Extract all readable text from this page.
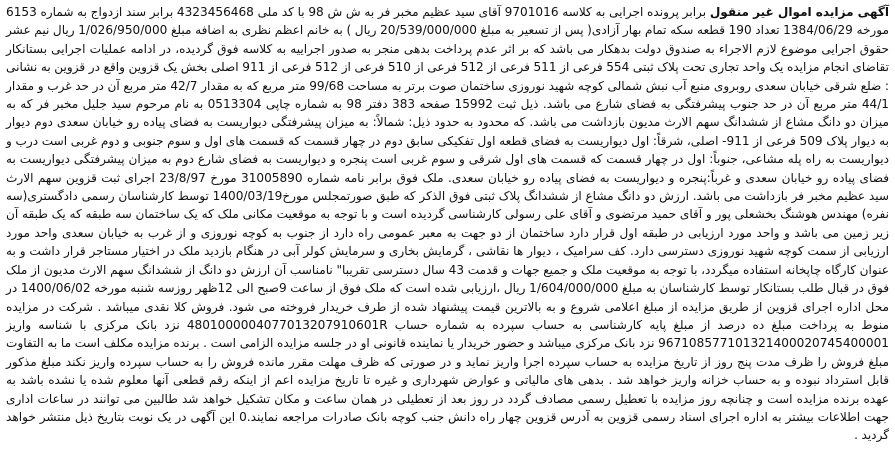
آگهی مزایده اموال غیر منقول برابر پرونده اجرایی به کلاسه 9701016 آقای سید عظیم مخبر فر به ش ش 98 با کد ملی 4323456468 برابر سند ازدواج به شماره 6153 مورخه 1384/06/29 تعداد 190 قطعه سکه تمام بهار آزادی( پس از تسعیر به مبلغ 20/539/000/000 ریال ) به خانم اعظم نظری به اضافه مبلغ 1/026/950/000 ریال نیم عشر حقوق اجرایی موضوع لازم الاجراء به صندوق دولت بدهکار می باشد که بر اثر عدم پرداخت بدهی منجر به صدور اجراییه به کلاسه فوق گردیده، در ادامه عملیات اجرایی بستانکار تقاضای انجام مزایده یک واحد تجاری تحت پلاک ثبتی 554 فرعی از 511 فرعی از 512 فرعی از 510 فرعی از 512 فرعی از 911 اصلی بخش یک قزوین واقع در قزوین به نشانی : ضلع شرقی خیابان سعدی روبروی منبع آب نبش شمالی کوچه شهید نوروزی ساختمان صوت برتر به مساحت 99/68 متر مربع که به مقدار 42/7 متر مربع آن در حد غرب و مقدار 44/1 متر مربع آن در حد جنوب پیشرفتگی به فضای شارع می باشد. ذیل ثبت 15992 صفحه 383 دفتر 98 به شماره چاپی 0513304 به نام مرحوم سید جلیل مخبر فر که به میزان دو دانگ مشاع از ششدانگ سهم الارث مدیون بازداشت می باشد. که محدود به حدود ذیل: شمالاً: به میزان پیشرفتگی دیواریست به فضای پیاده رو خیابان سعدی دوم دیوار به دیوار پلاک 509 فرعی از 911- اصلی، شرقاً: اول دیواریست به فضای قطعه اول تفکیکی سابق دوم در چهار قسمت که قسمت های اول و سوم جنوبی و دوم غربی است درب و دیواریست به راه پله مشاعی، جنوباً: اول در چهار قسمت که قسمت های اول شرقی و سوم غربی است پنجره و دیواریست به فضای شارع دوم به میزان پیشرفتگی دیواریست به فضای پیاده رو خیابان سعدی و غرباً:پنجره و دیواریست به فضای پیاده رو خیابان سعدی. ملک فوق برابر نامه شماره 31005890 مورخ 23/8/97 اجرای ثبت قزوین سهم الارث سید عظیم مخبر فر بازداشت می باشد. ارزش دو دانگ مشاع از ششدانگ پلاک ثبتی فوق الذکر که طبق صورتمجلس مورخ1400/03/19 توسط کارشناسان رسمی دادگستری(سه نفره) مهندس هوشنگ بخشعلی پور و آقای حمید مرتضوی و آقای علی رسولی کارشناسی گردیده است و با توجه به موقعیت مکانی ملک که یک ساختمان سه طبقه که یک طبقه آن زیر زمین می باشد و واحد مورد ارزیابی در طبقه اول قرار دارد ساختمان از دو جهت به معبر عمومی راه دارد از جنوب به کوچه نوروزی و از غرب به خیابان سعدی واحد مورد ارزیابی از سمت کوچه شهید نوروزی دسترسی دارد. کف سرامیک ، دیوار ها نقاشی ، گرمایش بخاری و سرمایش کولر آبی در هنگام بازدید ملک در اختیار مستاجر قرار داشت و به عنوان کارگاه چاپخانه استفاده میگردد، با توجه به موقعیت ملک و جمیع جهات و قدمت 43 سال دسترسی تقریبا" نامناسب آن ارزش دو دانگ از ششدانگ سهم الارث مدیون از ملک فوق در قبال طلب بستانکار توسط کارشناسان به مبلغ 1/604/000/000 ریال ،ارزیابی شده است که ملک فوق از ساعت 9صبح الی 12ظهر روزسه شنبه مورخه 1400/06/02 در محل اداره اجرای قزوین از طریق مزایده از مبلغ اعلامی شروع و به بالاترین قیمت پیشنهاد شده از طرف خریدار فروخته می شود. فروش کلا نقدی میباشد . شرکت در مزایده منوط به پرداخت مبلغ ده درصد از مبلغ پایه کارشناسی به حساب سپرده به شماره حساب 4801000004077013207910601R نزد بانک مرکزی با شناسه واریز 967108577101321400020745400001 نزد بانک مرکزی میباشد و حضور خریدار یا نماینده قانونی او در جلسه مزایده الزامی است . برنده مزایده مکلف است ما به التفاوت مبلغ فروش را ظرف مدت پنج روز از تاریخ مزایده به حساب سپرده اجرا واریز نماید و در صورتی که ظرف مهلت مقرر مانده فروش را به حساب سپرده واریز نکند مبلغ مذکور قابل استرداد نبوده و به حساب خزانه واریز خواهد شد . بدهی های مالیاتی و عوارض شهرداری و غیره تا تاریخ مزایده اعم از اینکه رقم قطعی آنها معلوم شده یا نشده باشد به عهده برنده مزایده است و چنانچه روز مزایده با تعطیل رسمی مصادف گردد در روز بعد از تعطیلی در همان ساعت و مکان تشکیل خواهد شد طالبین می توانند در ساعات اداری جهت اطلاعات بیشتر به اداره اجرای اسناد رسمی قزوین به آدرس قزوین چهار راه دانش جنب کوچه بانک صادرات مراجعه نمایند.0 این آگهی در یک نوبت بتاریخ ذیل منتشر خواهد گردید .
